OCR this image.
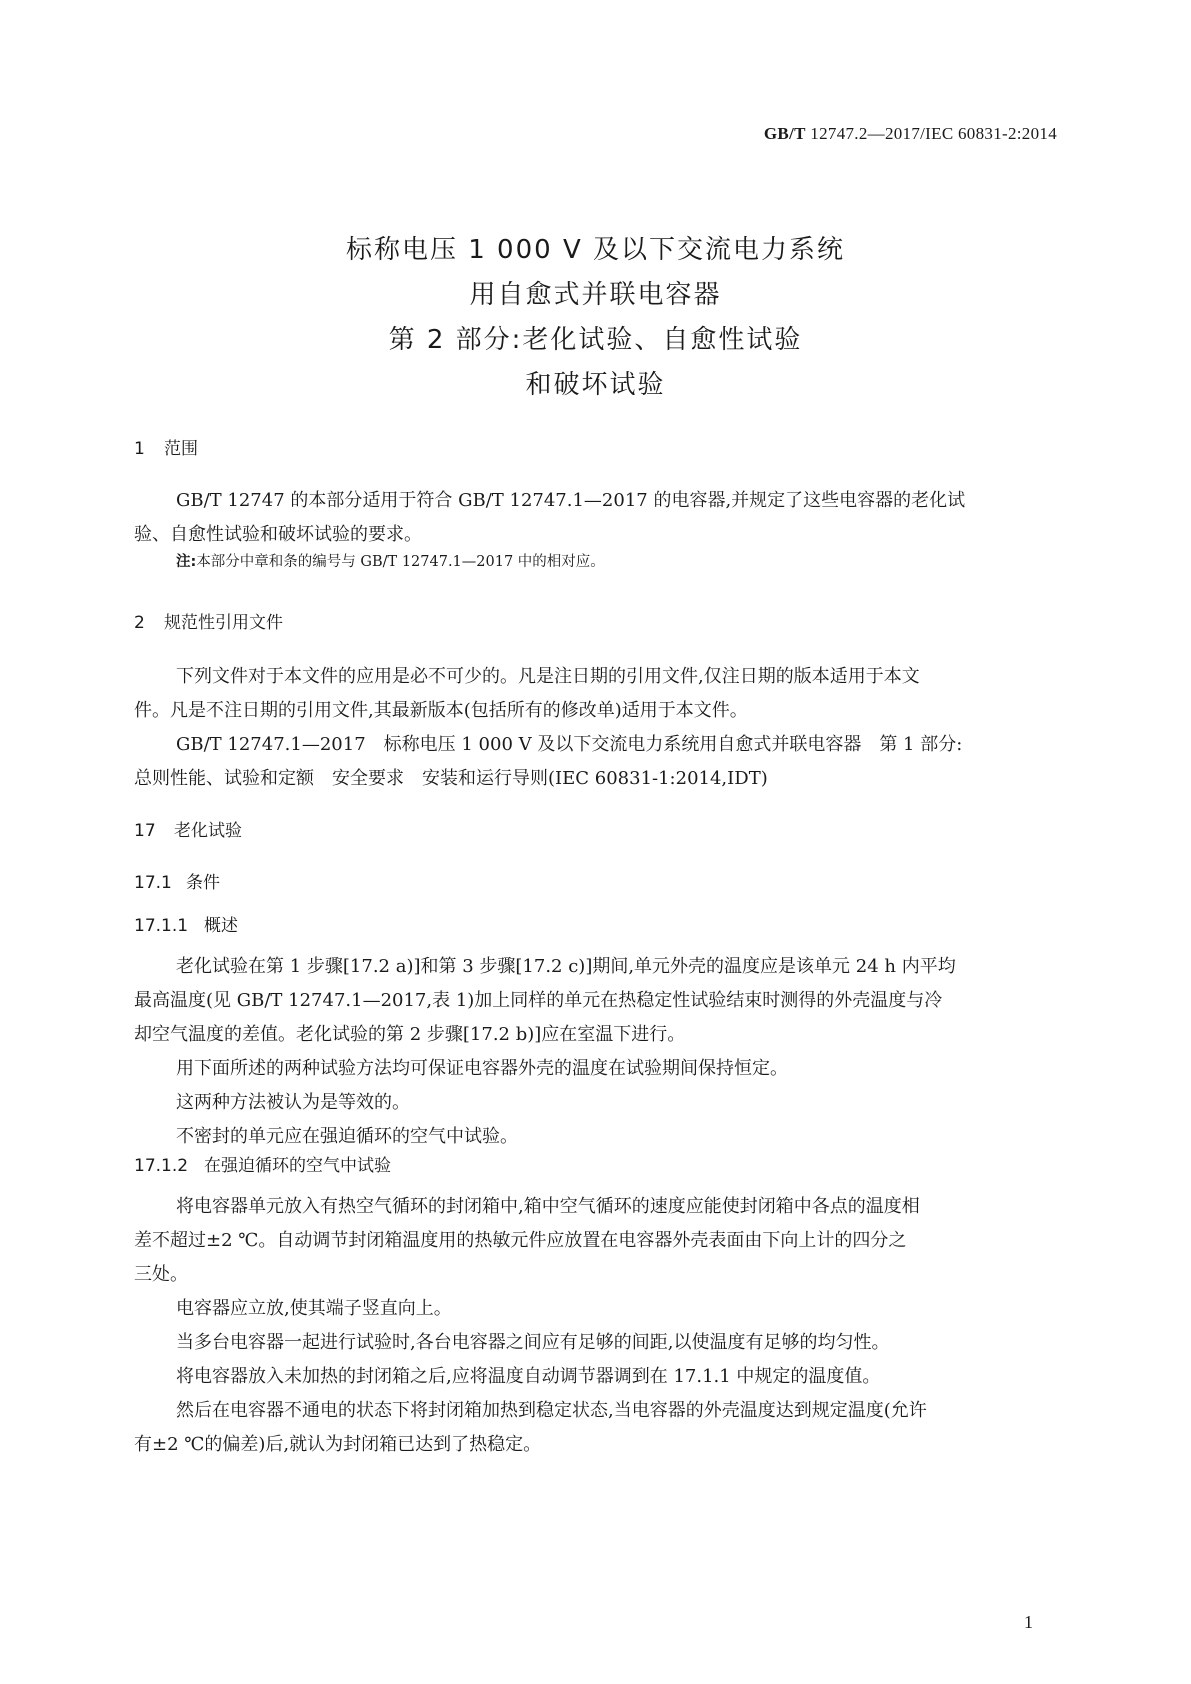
GB/T 12747.2—2017/IEC 60831-2:2014
标称电压 1 000 V 及以下交流电力系统
用自愈式并联电容器
第 2 部分:老化试验、自愈性试验
和破坏试验
1 范围
GB/T 12747 的本部分适用于符合 GB/T 12747.1—2017 的电容器,并规定了这些电容器的老化试
验、自愈性试验和破坏试验的要求。
注:本部分中章和条的编号与 GB/T 12747.1—2017 中的相对应。
2 规范性引用文件
下列文件对于本文件的应用是必不可少的。凡是注日期的引用文件,仅注日期的版本适用于本文
件。凡是不注日期的引用文件,其最新版本(包括所有的修改单)适用于本文件。
GB/T 12747.1—2017　标称电压 1 000 V 及以下交流电力系统用自愈式并联电容器　第 1 部分:
总则性能、试验和定额　安全要求　安装和运行导则(IEC 60831-1:2014,IDT)
17 老化试验
17.1 条件
17.1.1 概述
老化试验在第 1 步骤[17.2 a)]和第 3 步骤[17.2 c)]期间,单元外壳的温度应是该单元 24 h 内平均
最高温度(见 GB/T 12747.1—2017,表 1)加上同样的单元在热稳定性试验结束时测得的外壳温度与冷
却空气温度的差值。老化试验的第 2 步骤[17.2 b)]应在室温下进行。
用下面所述的两种试验方法均可保证电容器外壳的温度在试验期间保持恒定。
这两种方法被认为是等效的。
不密封的单元应在强迫循环的空气中试验。
17.1.2 在强迫循环的空气中试验
将电容器单元放入有热空气循环的封闭箱中,箱中空气循环的速度应能使封闭箱中各点的温度相
差不超过±2 ℃。自动调节封闭箱温度用的热敏元件应放置在电容器外壳表面由下向上计的四分之
三处。
电容器应立放,使其端子竖直向上。
当多台电容器一起进行试验时,各台电容器之间应有足够的间距,以使温度有足够的均匀性。
将电容器放入未加热的封闭箱之后,应将温度自动调节器调到在 17.1.1 中规定的温度值。
然后在电容器不通电的状态下将封闭箱加热到稳定状态,当电容器的外壳温度达到规定温度(允许
有±2 ℃的偏差)后,就认为封闭箱已达到了热稳定。
1
